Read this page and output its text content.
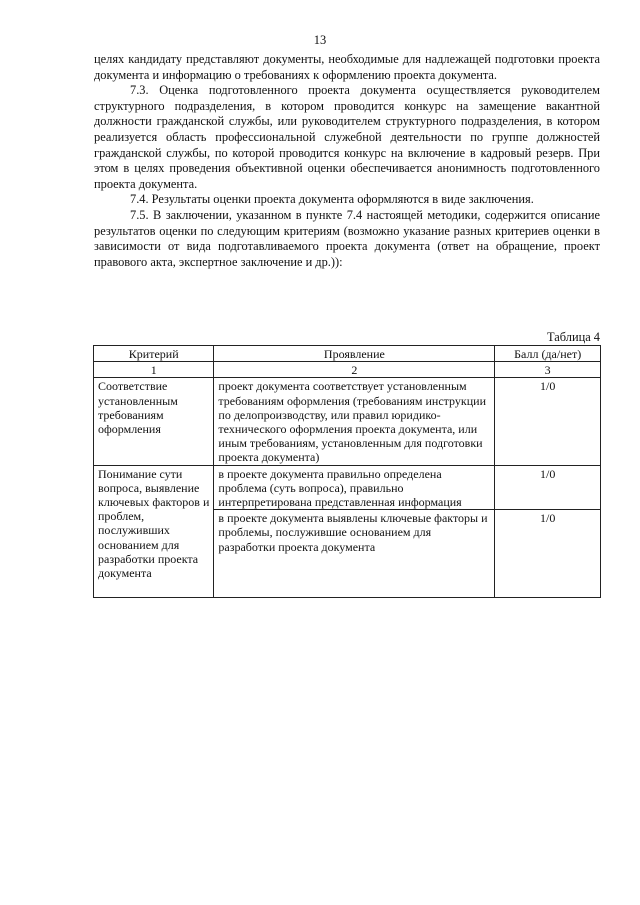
13

целях кандидату представляют документы, необходимые для надлежащей подготовки проекта документа и информацию о требованиях к оформлению проекта документа.

7.3. Оценка подготовленного проекта документа осуществляется руководителем структурного подразделения, в котором проводится конкурс на замещение вакантной должности гражданской службы, или руководителем структурного подразделения, в котором реализуется область профессиональной служебной деятельности по группе должностей гражданской службы, по которой проводится конкурс на включение в кадровый резерв. При этом в целях проведения объективной оценки обеспечивается анонимность подготовленного проекта документа.

7.4. Результаты оценки проекта документа оформляются в виде заключения.

7.5. В заключении, указанном в пункте 7.4 настоящей методики, содержится описание результатов оценки по следующим критериям (возможно указание разных критериев оценки в зависимости от вида подготавливаемого проекта документа (ответ на обращение, проект правового акта, экспертное заключение и др.)):

Таблица 4
Критерий	Проявление	Балл (да/нет)
1	2	3
Соответствие установленным требованиям оформления	проект документа соответствует установленным требованиям оформления (требованиям инструкции по делопроизводству, или правил юридико-технического оформления проекта документа, или иным требованиям, установленным для подготовки проекта документа)	1/0
Понимание сути вопроса, выявление ключевых факторов и проблем, послуживших основанием для разработки проекта документа	в проекте документа правильно определена проблема (суть вопроса), правильно интерпретирована представленная информация	1/0
	в проекте документа выявлены ключевые факторы и проблемы, послужившие основанием для разработки проекта документа	1/0
